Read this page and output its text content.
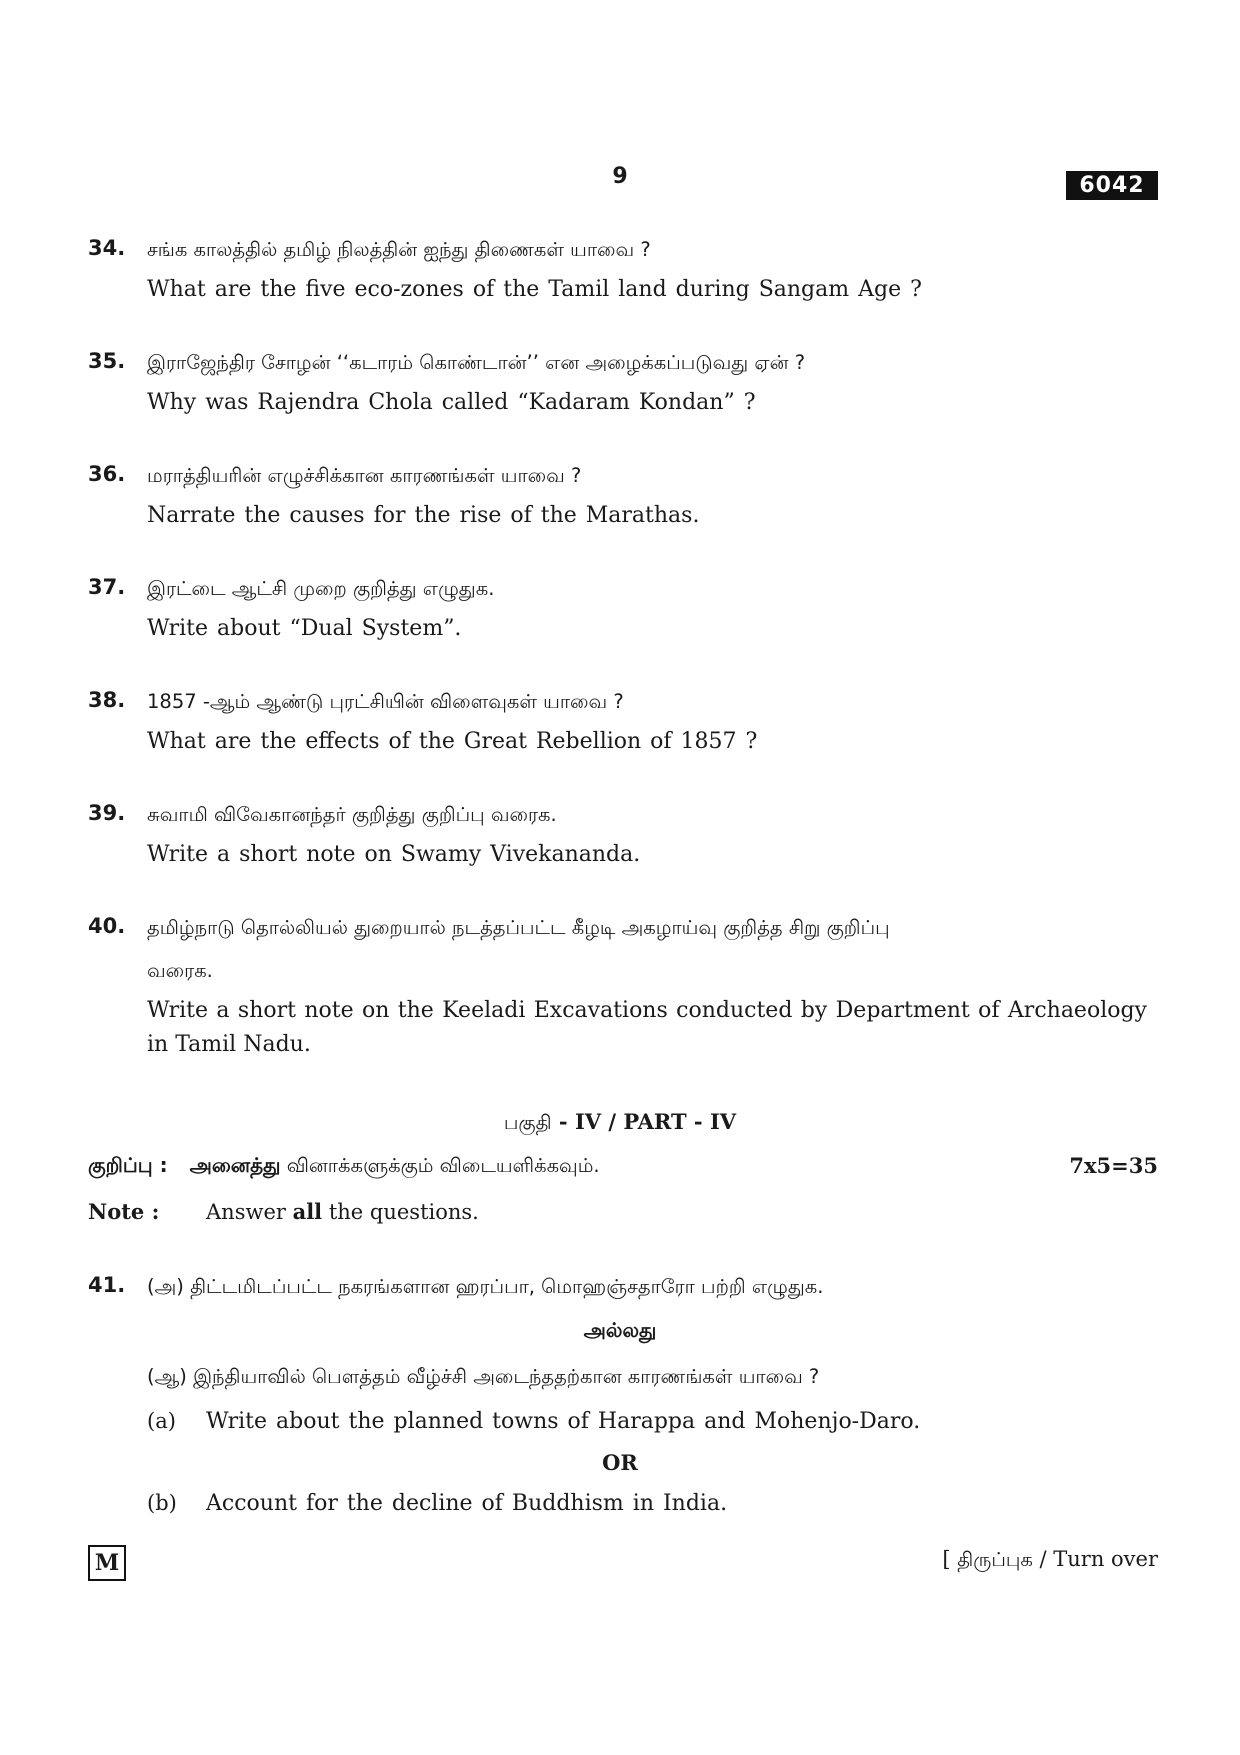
9	6042
34. சங்க காலத்தில் தமிழ் நிலத்தின் ஐந்து திணைகள் யாவை ?
What are the five eco-zones of the Tamil land during Sangam Age ?
35. இராஜேந்திர சோழன் ‘‘கடாரம் கொண்டான்’’ என அழைக்கப்படுவது ஏன் ?
Why was Rajendra Chola called “Kadaram Kondan” ?
36. மராத்தியரின் எழுச்சிக்கான காரணங்கள் யாவை ?
Narrate the causes for the rise of the Marathas.
37. இரட்டை ஆட்சி முறை குறித்து எழுதுக.
Write about “Dual System”.
38. 1857 -ஆம் ஆண்டு புரட்சியின் விளைவுகள் யாவை ?
What are the effects of the Great Rebellion of 1857 ?
39. சுவாமி விவேகானந்தர் குறித்து குறிப்பு வரைக.
Write a short note on Swamy Vivekananda.
40. தமிழ்நாடு தொல்லியல் துறையால் நடத்தப்பட்ட கீழடி அகழாய்வு குறித்த சிறு குறிப்பு
வரைக.
Write a short note on the Keeladi Excavations conducted by Department of Archaeology in Tamil Nadu.
பகுதி - IV / PART - IV
குறிப்பு : அனைத்து வினாக்களுக்கும் விடையளிக்கவும்.	7x5=35
Note : Answer all the questions.
41. (அ) திட்டமிடப்பட்ட நகரங்களான ஹரப்பா, மொஹஞ்சதாரோ பற்றி எழுதுக.
அல்லது
(ஆ) இந்தியாவில் பௌத்தம் வீழ்ச்சி அடைந்ததற்கான காரணங்கள் யாவை ?
(a) Write about the planned towns of Harappa and Mohenjo-Daro.
OR
(b) Account for the decline of Buddhism in India.
M	[ திருப்புக / Turn over
